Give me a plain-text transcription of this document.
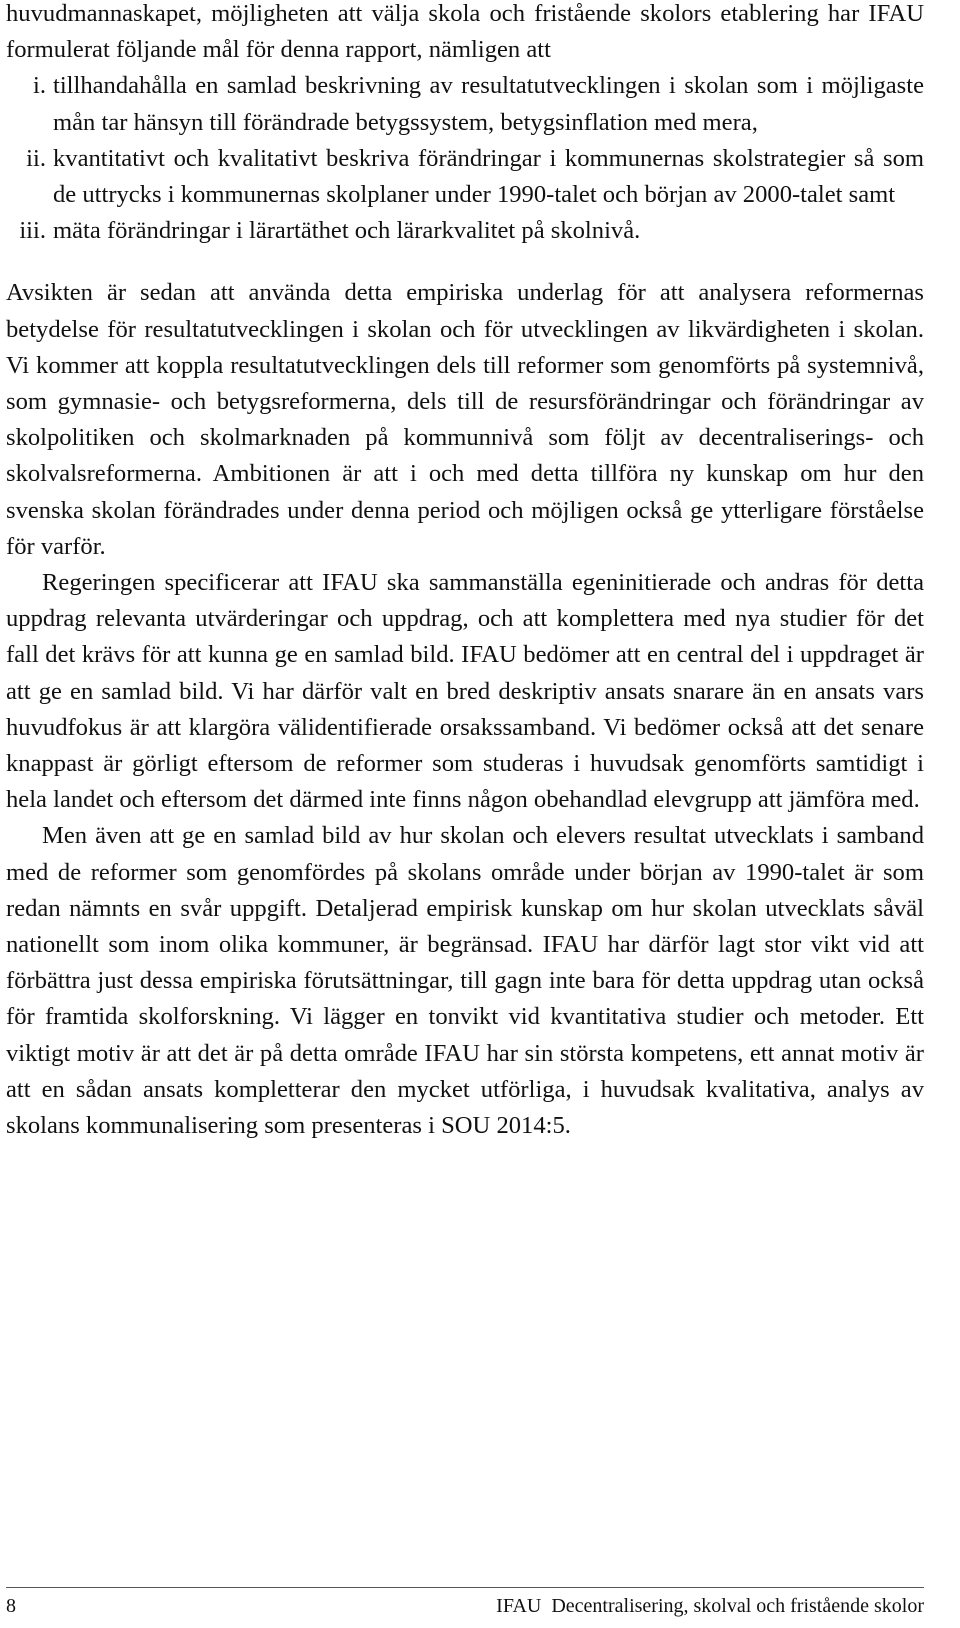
huvudmannaskapet, möjligheten att välja skola och fristående skolors etablering har IFAU formulerat följande mål för denna rapport, nämligen att

i. tillhandahålla en samlad beskrivning av resultatutvecklingen i skolan som i möjligaste mån tar hänsyn till förändrade betygssystem, betygsinflation med mera,
ii. kvantitativt och kvalitativt beskriva förändringar i kommunernas skolstrategier så som de uttrycks i kommunernas skolplaner under 1990-talet och början av 2000-talet samt
iii. mäta förändringar i lärartäthet och lärarkvalitet på skolnivå.

Avsikten är sedan att använda detta empiriska underlag för att analysera reformernas betydelse för resultatutvecklingen i skolan och för utvecklingen av likvärdigheten i skolan. Vi kommer att koppla resultatutvecklingen dels till reformer som genomförts på systemnivå, som gymnasie- och betygsreformerna, dels till de resursförändringar och förändringar av skolpolitiken och skolmarknaden på kommunnivå som följt av decentraliserings- och skolvalsreformerna. Ambitionen är att i och med detta tillföra ny kunskap om hur den svenska skolan förändrades under denna period och möjligen också ge ytterligare förståelse för varför.

Regeringen specificerar att IFAU ska sammanställa egeninitierade och andras för detta uppdrag relevanta utvärderingar och uppdrag, och att komplettera med nya studier för det fall det krävs för att kunna ge en samlad bild. IFAU bedömer att en central del i uppdraget är att ge en samlad bild. Vi har därför valt en bred deskriptiv ansats snarare än en ansats vars huvudfokus är att klargöra välidentifierade orsakssamband. Vi bedömer också att det senare knappast är görligt eftersom de reformer som studeras i huvudsak genomförts samtidigt i hela landet och eftersom det därmed inte finns någon obehandlad elevgrupp att jämföra med.

Men även att ge en samlad bild av hur skolan och elevers resultat utvecklats i samband med de reformer som genomfördes på skolans område under början av 1990-talet är som redan nämnts en svår uppgift. Detaljerad empirisk kunskap om hur skolan utvecklats såväl nationellt som inom olika kommuner, är begränsad. IFAU har därför lagt stor vikt vid att förbättra just dessa empiriska förutsättningar, till gagn inte bara för detta uppdrag utan också för framtida skolforskning. Vi lägger en tonvikt vid kvantitativa studier och metoder. Ett viktigt motiv är att det är på detta område IFAU har sin största kompetens, ett annat motiv är att en sådan ansats kompletterar den mycket utförliga, i huvudsak kvalitativa, analys av skolans kommunalisering som presenteras i SOU 2014:5.

8	IFAU  Decentralisering, skolval och fristående skolor
